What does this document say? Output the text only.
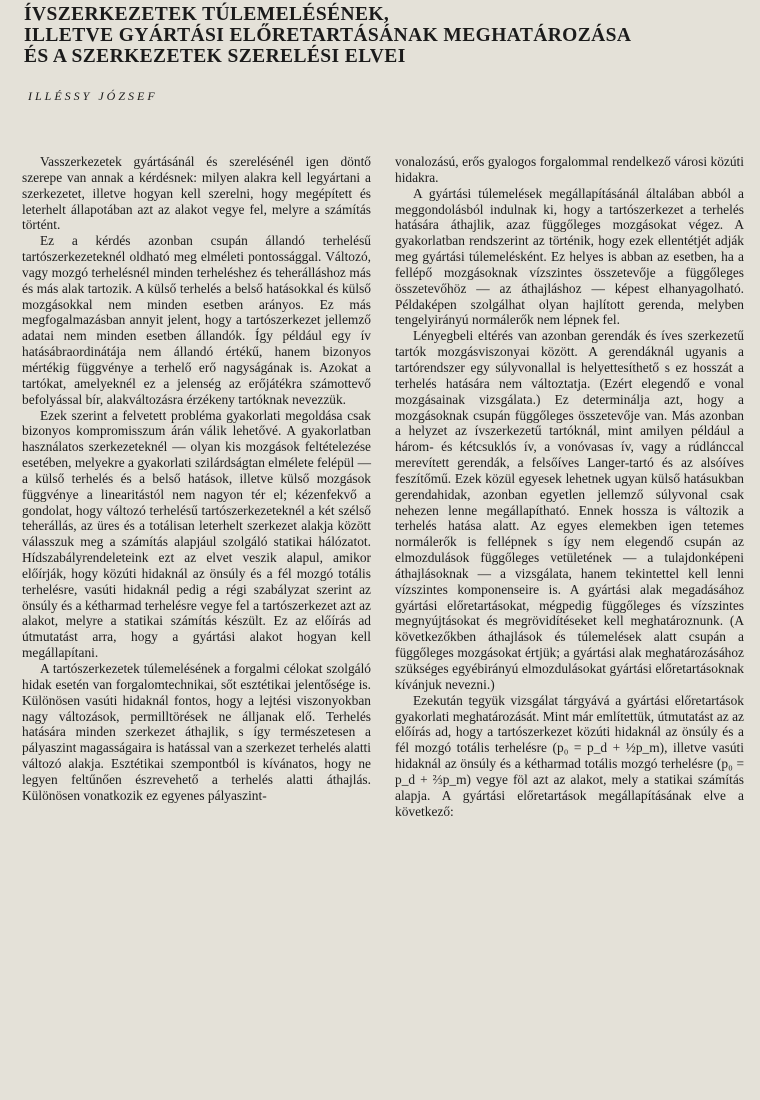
ÍVSZERKEZETEK TÚLEMELÉSÉNEK,
ILLETVE GYÁRTÁSI ELŐRETARTÁSÁNAK MEGHATÁROZÁSA
ÉS A SZERKEZETEK SZERELÉSI ELVEI
ILLÉSSY JÓZSEF

Vasszerkezetek gyártásánál és szerelésénél igen döntő szerepe van annak a kérdésnek: milyen alakra kell legyártani a szerkezetet, illetve hogyan kell szerelni, hogy megépített és leterhelt állapotában azt az alakot vegye fel, melyre a számítás történt.

Ez a kérdés azonban csupán állandó terhelésű tartószerkezeteknél oldható meg elméleti pontossággal. Változó, vagy mozgó terhelésnél minden terheléshez és teherálláshoz más és más alak tartozik. A külső terhelés a belső hatásokkal és külső mozgásokkal nem minden esetben arányos. Ez más megfogalmazásban annyit jelent, hogy a tartószerkezet jellemző adatai nem minden esetben állandók. Így például egy ív hatásábraordinátája nem állandó értékű, hanem bizonyos mértékig függvénye a terhelő erő nagyságának is. Azokat a tartókat, amelyeknél ez a jelenség az erőjátékra számottevő befolyással bír, alakváltozásra érzékeny tartóknak nevezzük.

Ezek szerint a felvetett probléma gyakorlati megoldása csak bizonyos kompromisszum árán válik lehetővé. A gyakorlatban használatos szerkezeteknél — olyan kis mozgások feltételezése esetében, melyekre a gyakorlati szilárdságtan elmélete felépül — a külső terhelés és a belső hatások, illetve külső mozgások függvénye a linearitástól nem nagyon tér el; kézenfekvő a gondolat, hogy változó terhelésű tartószerkezeteknél a két szélső teherállás, az üres és a totálisan leterhelt szerkezet alakja között válasszuk meg a számítás alapjául szolgáló statikai hálózatot. Hídszabályrendeleteink ezt az elvet veszik alapul, amikor előírják, hogy közúti hidaknál az önsúly és a fél mozgó totális terhelésre, vasúti hidaknál pedig a régi szabályzat szerint az önsúly és a kétharmad terhelésre vegye fel a tartószerkezet azt az alakot, melyre a statikai számítás készült. Ez az előírás ad útmutatást arra, hogy a gyártási alakot hogyan kell megállapítani.

A tartószerkezetek túlemelésének a forgalmi célokat szolgáló hidak esetén van forgalomtechnikai, sőt esztétikai jelentősége is. Különösen vasúti hidaknál fontos, hogy a lejtési viszonyokban nagy változások, permilltörések ne álljanak elő. Terhelés hatására minden szerkezet áthajlik, s így természetesen a pályaszint magasságaira is hatással van a szerkezet terhelés alatti változó alakja. Esztétikai szempontból is kívánatos, hogy ne legyen feltűnően észrevehető a terhelés alatti áthajlás. Különösen vonatkozik ez egyenes pályaszint-

vonalozású, erős gyalogos forgalommal rendelkező városi közúti hidakra.

A gyártási túlemelések megállapításánál általában abból a meggondolásból indulnak ki, hogy a tartószerkezet a terhelés hatására áthajlik, azaz függőleges mozgásokat végez. A gyakorlatban rendszerint az történik, hogy ezek ellentétjét adják meg gyártási túlemelésként. Ez helyes is abban az esetben, ha a fellépő mozgásoknak vízszintes összetevője a függőleges összetevőhöz — az áthajláshoz — képest elhanyagolható. Példaképen szolgálhat olyan hajlított gerenda, melyben tengelyirányú normálerők nem lépnek fel.

Lényegbeli eltérés van azonban gerendák és íves szerkezetű tartók mozgásviszonyai között. A gerendáknál ugyanis a tartórendszer egy súlyvonallal is helyettesíthető s ez hosszát a terhelés hatására nem változtatja. (Ezért elegendő e vonal mozgásainak vizsgálata.) Ez determinálja azt, hogy a mozgásoknak csupán függőleges összetevője van. Más azonban a helyzet az ívszerkezetű tartóknál, mint amilyen például a három- és kétcsuklós ív, a vonóvasas ív, vagy a rúdlánccal merevített gerendák, a felsőíves Langer-tartó és az alsóíves feszítőmű. Ezek közül egyesek lehetnek ugyan külső hatásukban gerendahidak, azonban egyetlen jellemző súlyvonal csak nehezen lenne megállapítható. Ennek hossza is változik a terhelés hatása alatt. Az egyes elemekben igen tetemes normálerők is fellépnek s így nem elegendő csupán az elmozdulások függőleges vetületének — a tulajdonképeni áthajlásoknak — a vizsgálata, hanem tekintettel kell lenni vízszintes komponenseire is. A gyártási alak megadásához gyártási előretartásokat, mégpedig függőleges és vízszintes megnyújtásokat és megrövidítéseket kell meghatároznunk. (A következőkben áthajlások és túlemelések alatt csupán a függőleges mozgásokat értjük; a gyártási alak meghatározásához szükséges egyébirányú elmozdulásokat gyártási előretartásoknak kívánjuk nevezni.)

Ezekután tegyük vizsgálat tárgyává a gyártási előretartások gyakorlati meghatározását. Mint már említettük, útmutatást az az előírás ad, hogy a tartószerkezet közúti hidaknál az önsúly és a fél mozgó totális terhelésre (p₀ = p_d + ½p_m), illetve vasúti hidaknál az önsúly és a kétharmad totális mozgó terhelésre (p₀ = p_d + ⅔p_m) vegye föl azt az alakot, mely a statikai számítás alapja. A gyártási előretartások megállapításának elve a következő:
